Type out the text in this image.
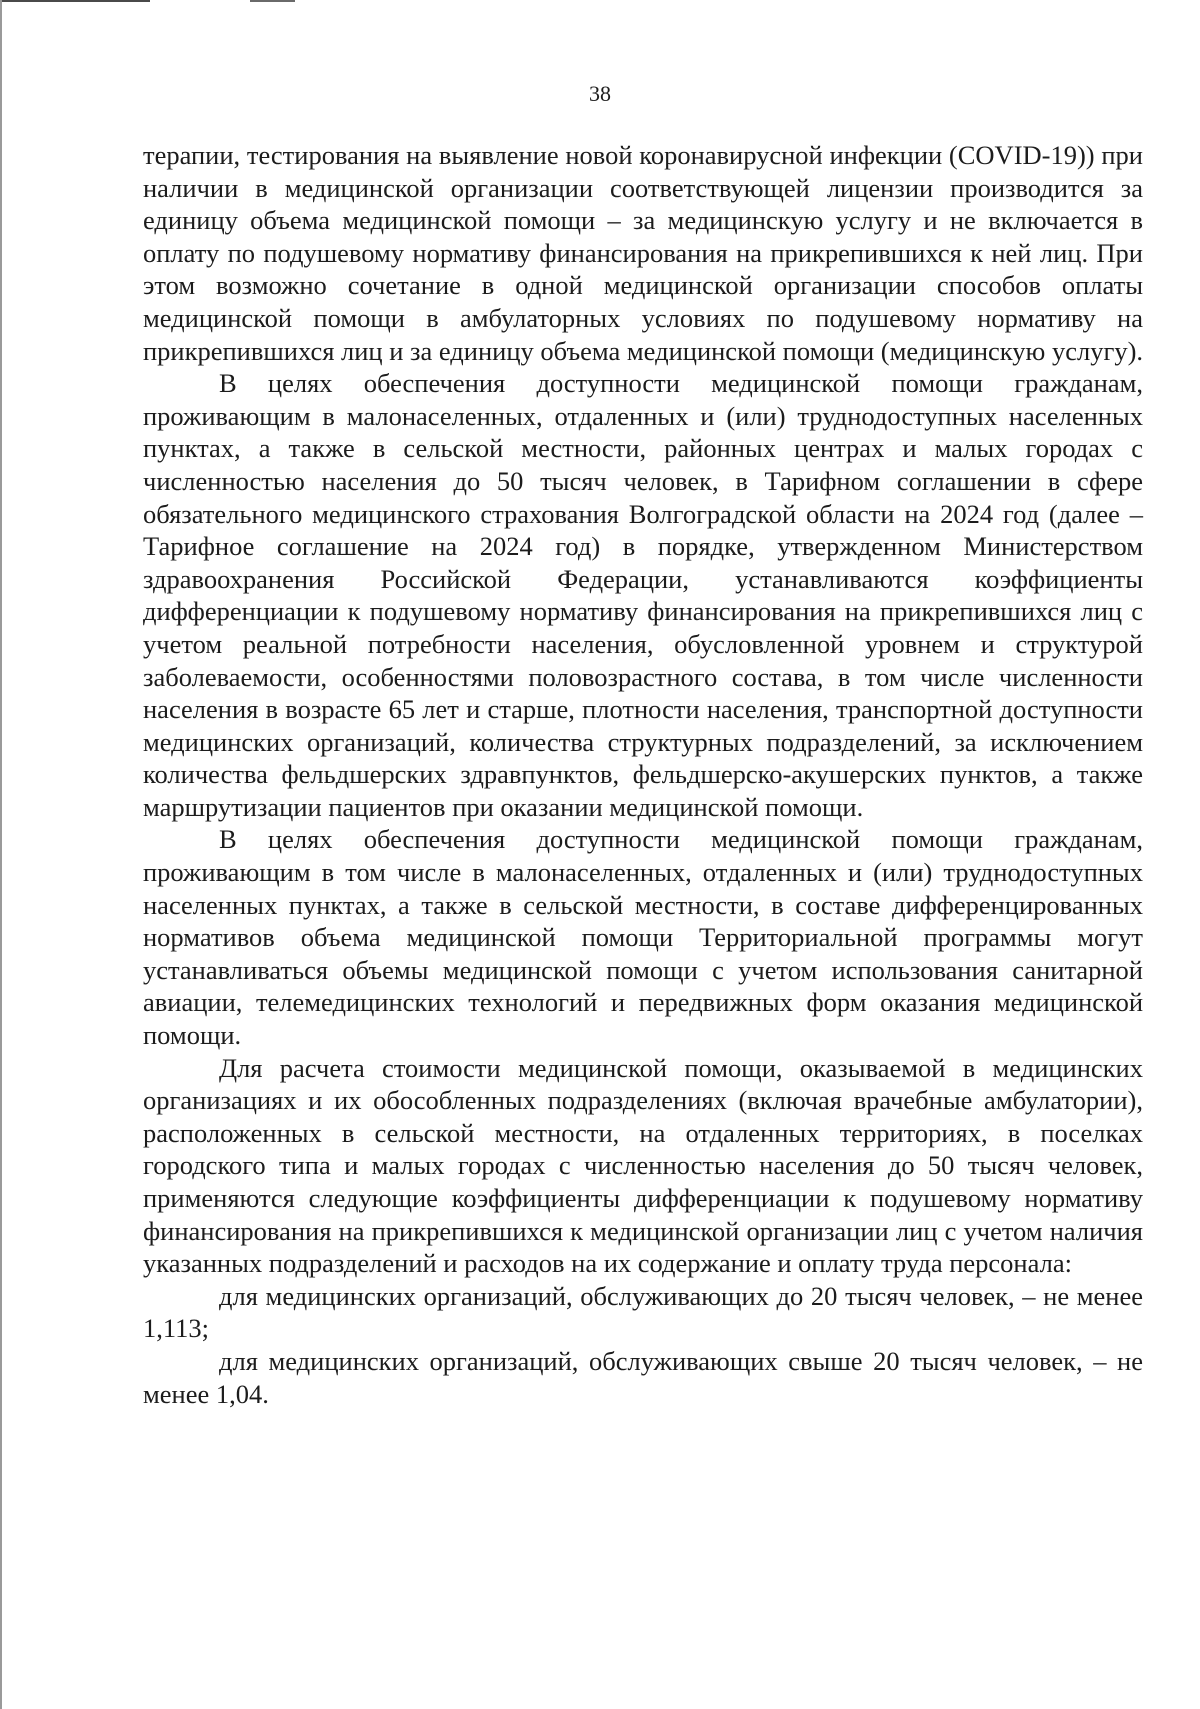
38

терапии, тестирования на выявление новой коронавирусной инфекции (COVID-19)) при наличии в медицинской организации соответствующей лицензии производится за единицу объема медицинской помощи – за медицинскую услугу и не включается в оплату по подушевому нормативу финансирования на прикрепившихся к ней лиц. При этом возможно сочетание в одной медицинской организации способов оплаты медицинской помощи в амбулаторных условиях по подушевому нормативу на прикрепившихся лиц и за единицу объема медицинской помощи (медицинскую услугу).

В целях обеспечения доступности медицинской помощи гражданам, проживающим в малонаселенных, отдаленных и (или) труднодоступных населенных пунктах, а также в сельской местности, районных центрах и малых городах с численностью населения до 50 тысяч человек, в Тарифном соглашении в сфере обязательного медицинского страхования Волгоградской области на 2024 год (далее – Тарифное соглашение на 2024 год) в порядке, утвержденном Министерством здравоохранения Российской Федерации, устанавливаются коэффициенты дифференциации к подушевому нормативу финансирования на прикрепившихся лиц с учетом реальной потребности населения, обусловленной уровнем и структурой заболеваемости, особенностями половозрастного состава, в том числе численности населения в возрасте 65 лет и старше, плотности населения, транспортной доступности медицинских организаций, количества структурных подразделений, за исключением количества фельдшерских здравпунктов, фельдшерско-акушерских пунктов, а также маршрутизации пациентов при оказании медицинской помощи.

В целях обеспечения доступности медицинской помощи гражданам, проживающим в том числе в малонаселенных, отдаленных и (или) труднодоступных населенных пунктах, а также в сельской местности, в составе дифференцированных нормативов объема медицинской помощи Территориальной программы могут устанавливаться объемы медицинской помощи с учетом использования санитарной авиации, телемедицинских технологий и передвижных форм оказания медицинской помощи.

Для расчета стоимости медицинской помощи, оказываемой в медицинских организациях и их обособленных подразделениях (включая врачебные амбулатории), расположенных в сельской местности, на отдаленных территориях, в поселках городского типа и малых городах с численностью населения до 50 тысяч человек, применяются следующие коэффициенты дифференциации к подушевому нормативу финансирования на прикрепившихся к медицинской организации лиц с учетом наличия указанных подразделений и расходов на их содержание и оплату труда персонала:

для медицинских организаций, обслуживающих до 20 тысяч человек, – не менее 1,113;

для медицинских организаций, обслуживающих свыше 20 тысяч человек, – не менее 1,04.
